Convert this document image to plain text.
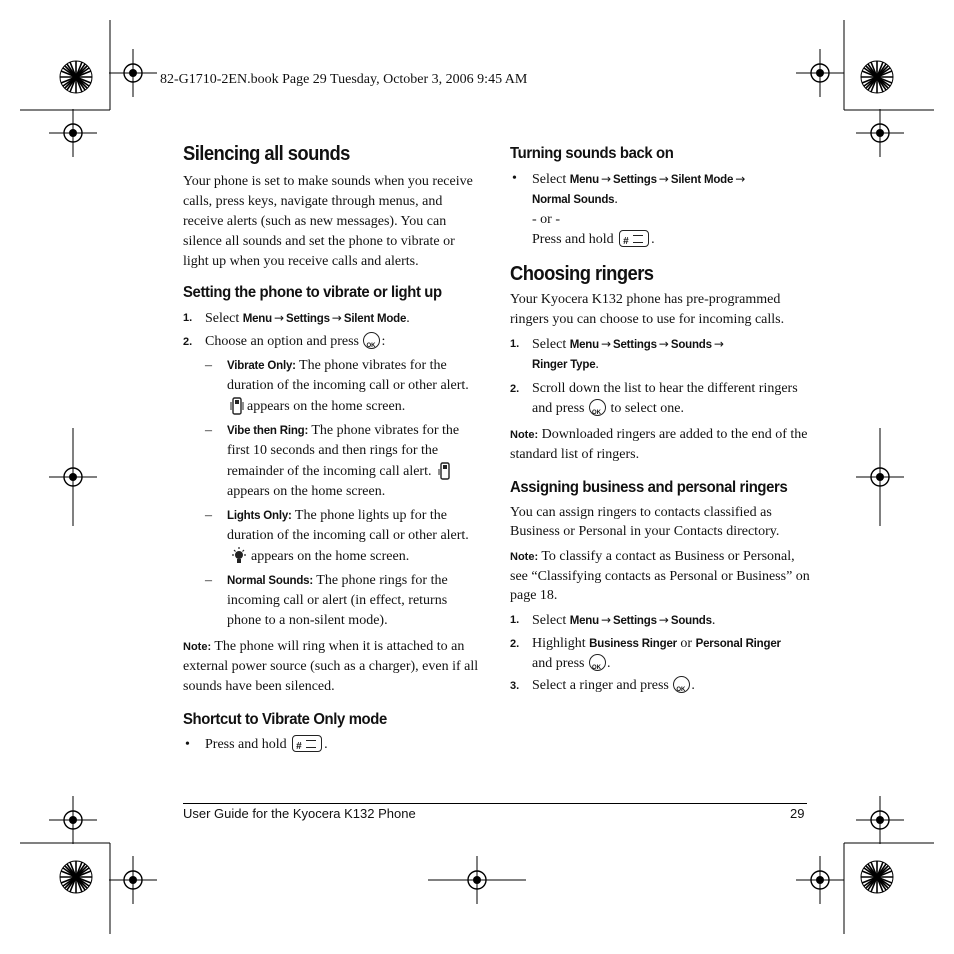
82-G1710-2EN.book Page 29 Tuesday, October 3, 2006 9:45 AM
Silencing all sounds

Your phone is set to make sounds when you receive calls, press keys, navigate through menus, and receive alerts (such as new messages). You can silence all sounds and set the phone to vibrate or light up when you receive calls and alerts.

Setting the phone to vibrate or light up
1. Select Menu → Settings → Silent Mode.
2. Choose an option and press OK :
– Vibrate Only: The phone vibrates for the duration of the incoming call or other alert. appears on the home screen.
– Vibe then Ring: The phone vibrates for the first 10 seconds and then rings for the remainder of the incoming call alert. appears on the home screen.
– Lights Only: The phone lights up for the duration of the incoming call or other alert. appears on the home screen.
– Normal Sounds: The phone rings for the incoming call or alert (in effect, returns phone to a non-silent mode).

Note: The phone will ring when it is attached to an external power source (such as a charger), even if all sounds have been silenced.

Shortcut to Vibrate Only mode
• Press and hold #	.
Turning sounds back on
• Select Menu → Settings → Silent Mode →
Normal Sounds.
- or -
Press and hold #	.
Choosing ringers

Your Kyocera K132 phone has pre-programmed ringers you can choose to use for incoming calls.

1. Select Menu → Settings → Sounds →
Ringer Type.
2. Scroll down the list to hear the different ringers and press OK to select one.

Note: Downloaded ringers are added to the end of the standard list of ringers.

Assigning business and personal ringers

You can assign ringers to contacts classified as Business or Personal in your Contacts directory.

Note: To classify a contact as Business or Personal, see “Classifying contacts as Personal or Business” on page 18.

1. Select Menu → Settings → Sounds.
2. Highlight Business Ringer or Personal Ringer
and press OK .
3. Select a ringer and press OK .
User Guide for the Kyocera K132 Phone	29
